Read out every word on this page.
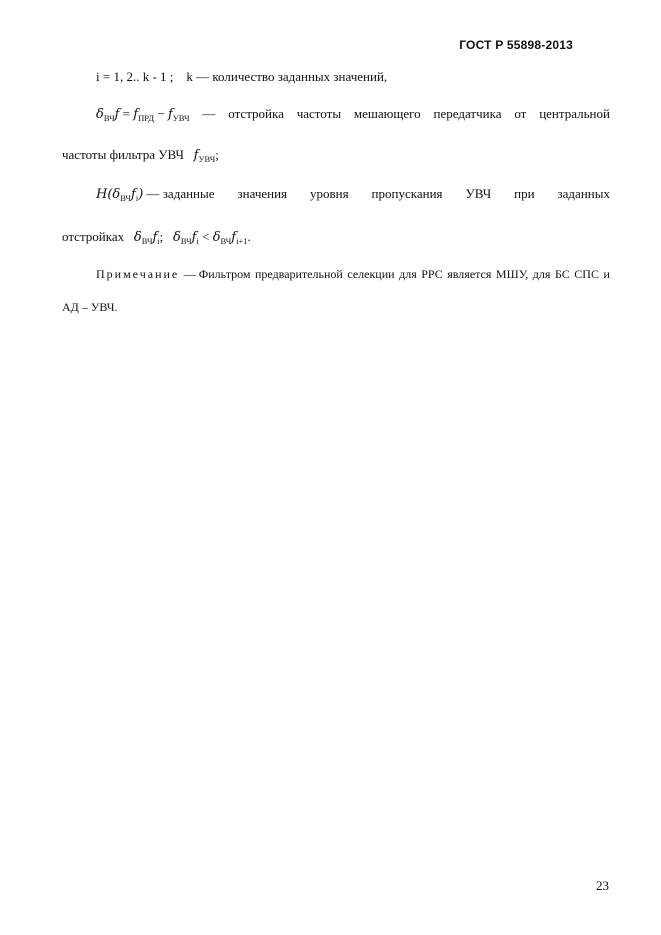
ГОСТ Р 55898-2013
i = 1, 2.. k - 1 ; k — количество заданных значений,
$\delta_{ВЧ}f = f_{ПРД} - f_{УВЧ}$ — отстройка частоты мешающего передатчика от центральной
частоты фильтра УВЧ $f_{УВЧ}$;
$H(\delta_{ВЧ}f_i)$ — заданные значения уровня пропускания УВЧ при заданных
отстройках $\delta_{ВЧ}f_i$; $\delta_{ВЧ}f_i < \delta_{ВЧ}f_{i+1}$.
Примечание — Фильтром предварительной селекции для РРС является МШУ, для БС СПС и
АД – УВЧ.
23
